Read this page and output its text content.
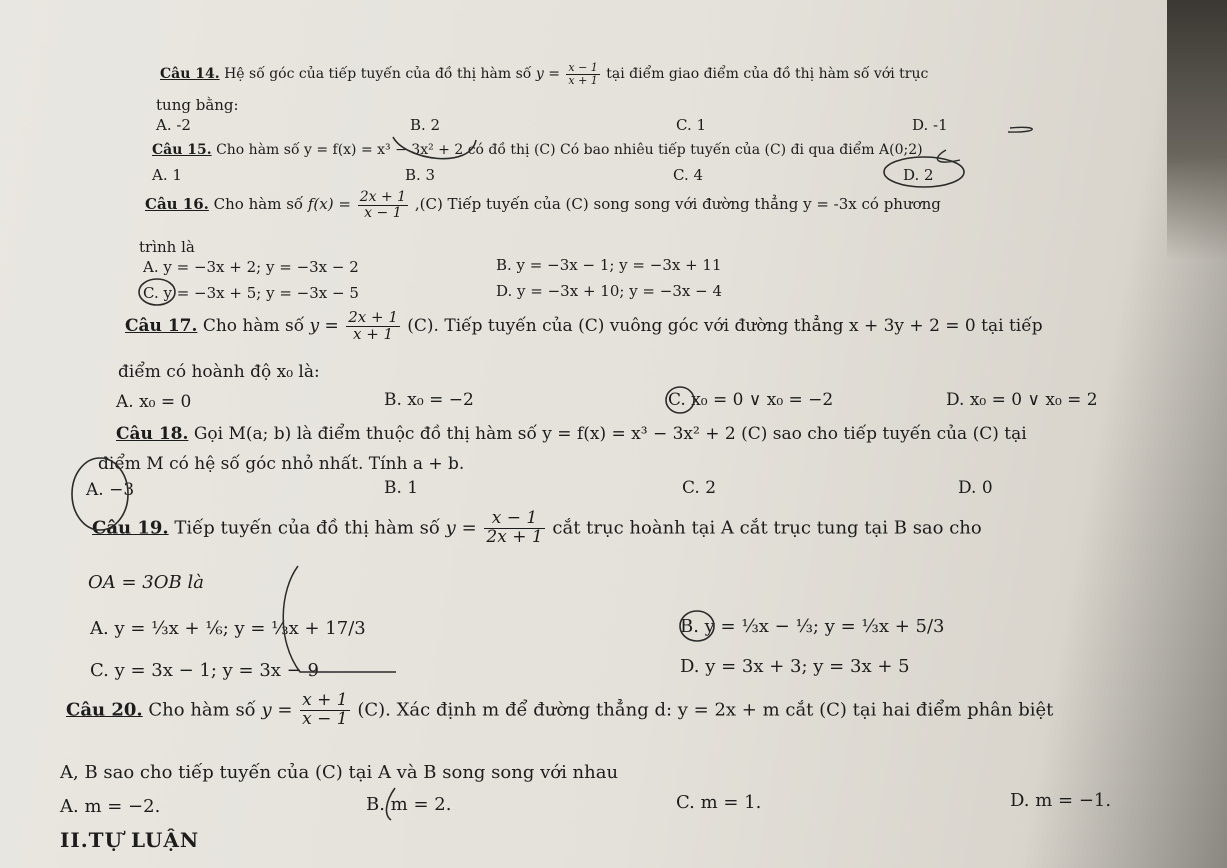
Câu 14. Hệ số góc của tiếp tuyến của đồ thị hàm số $y = \frac{x - 1}{x + 1}$ tại điểm giao điểm của đồ thị hàm số với trục
tung bằng:
A. -2	B. 2	C. 1	D. -1
Câu 15. Cho hàm số y = f(x) = x³ − 3x² + 2 có đồ thị (C) Có bao nhiêu tiếp tuyến của (C) đi qua điểm A(0;2)
A. 1	B. 3	C. 4	D. 2
Câu 16. Cho hàm số $f(x) = \frac{2x + 1}{x - 1} ,(C)$ Tiếp tuyến của (C) song song với đường thẳng y = -3x có phương
trình là
A. y = −3x + 2; y = −3x − 2	B. y = −3x − 1; y = −3x + 11
C. y = −3x + 5; y = −3x − 5	D. y = −3x + 10; y = −3x − 4
Câu 17. Cho hàm số $y = \frac{2x + 1}{x + 1} (C)$. Tiếp tuyến của (C) vuông góc với đường thẳng x + 3y + 2 = 0 tại tiếp
điểm có hoành độ x₀ là:
A. x₀ = 0	B. x₀ = −2	C. x₀ = 0 ∨ x₀ = −2	D. x₀ = 0 ∨ x₀ = 2
Câu 18. Gọi M(a; b) là điểm thuộc đồ thị hàm số y = f(x) = x³ − 3x² + 2 (C) sao cho tiếp tuyến của (C) tại
điểm M có hệ số góc nhỏ nhất. Tính a + b.
A. −3	B. 1	C. 2	D. 0
Câu 19. Tiếp tuyến của đồ thị hàm số $y = \frac{x - 1}{2x + 1}$ cắt trục hoành tại A cắt trục tung tại B sao cho
OA = 3OB là
A. y = ⅓x + ⅙; y = ⅓x + 17/3	B. y = ⅓x − ⅓; y = ⅓x + 5/3
C. y = 3x − 1; y = 3x − 9	D. y = 3x + 3; y = 3x + 5
Câu 20. Cho hàm số $y = \frac{x + 1}{x - 1} (C)$. Xác định m để đường thẳng d: y = 2x + m cắt (C) tại hai điểm phân biệt
A, B sao cho tiếp tuyến của (C) tại A và B song song với nhau
A. m = −2.	B. m = 2.	C. m = 1.	D. m = −1.
II.TỰ LUẬN
